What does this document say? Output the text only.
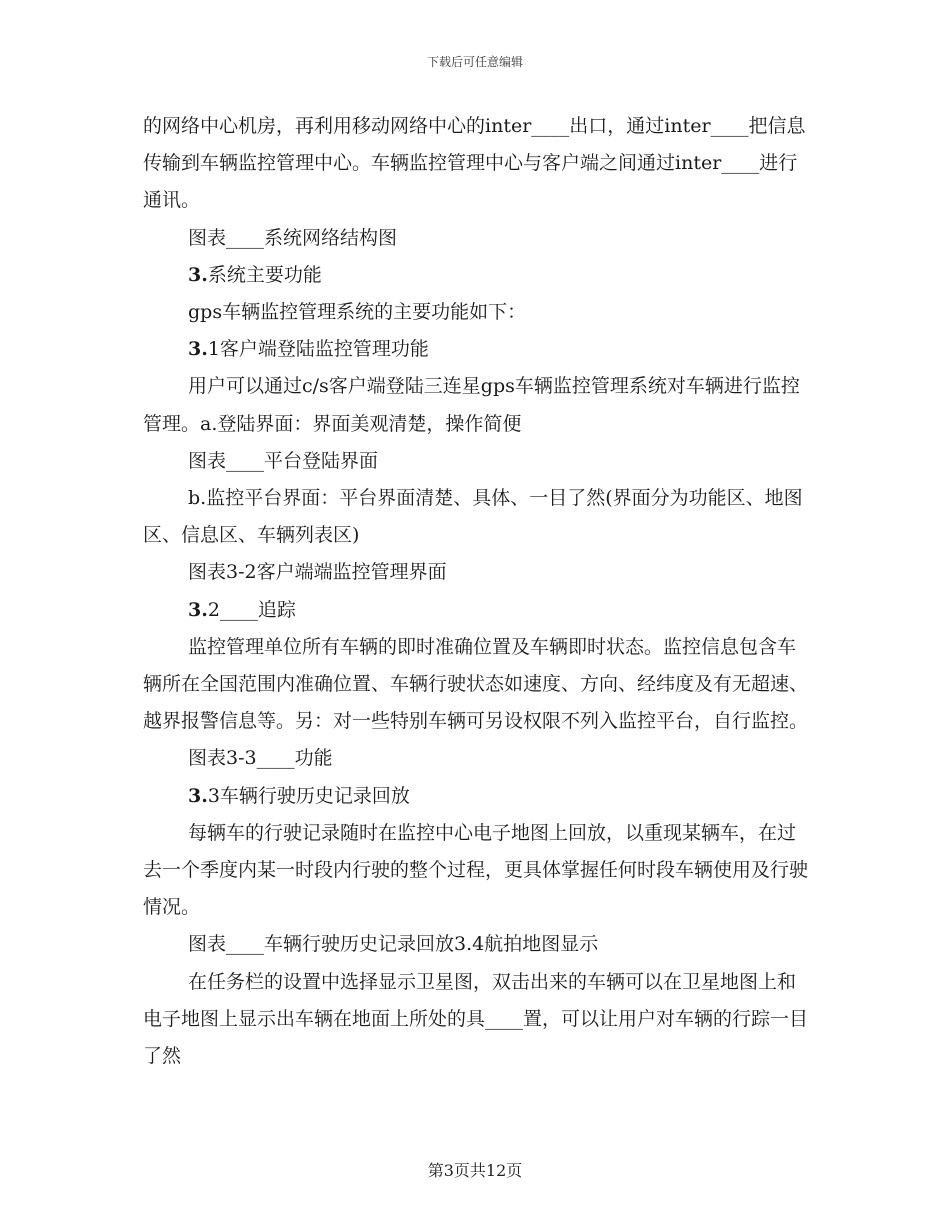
下载后可任意编辑

的网络中心机房，再利用移动网络中心的inter____出口，通过inter____把信息传输到车辆监控管理中心。车辆监控管理中心与客户端之间通过inter____进行通讯。

图表____系统网络结构图

3.系统主要功能

gps车辆监控管理系统的主要功能如下：

3.1客户端登陆监控管理功能

用户可以通过c/s客户端登陆三连星gps车辆监控管理系统对车辆进行监控管理。a.登陆界面：界面美观清楚，操作简便

图表____平台登陆界面

b.监控平台界面：平台界面清楚、具体、一目了然(界面分为功能区、地图区、信息区、车辆列表区)

图表3-2客户端端监控管理界面

3.2____追踪

监控管理单位所有车辆的即时准确位置及车辆即时状态。监控信息包含车辆所在全国范围内准确位置、车辆行驶状态如速度、方向、经纬度及有无超速、越界报警信息等。另：对一些特别车辆可另设权限不列入监控平台，自行监控。

图表3-3____功能

3.3车辆行驶历史记录回放

每辆车的行驶记录随时在监控中心电子地图上回放，以重现某辆车，在过去一个季度内某一时段内行驶的整个过程，更具体掌握任何时段车辆使用及行驶情况。

图表____车辆行驶历史记录回放3.4航拍地图显示

在任务栏的设置中选择显示卫星图，双击出来的车辆可以在卫星地图上和电子地图上显示出车辆在地面上所处的具____置，可以让用户对车辆的行踪一目了然

第3页共12页
